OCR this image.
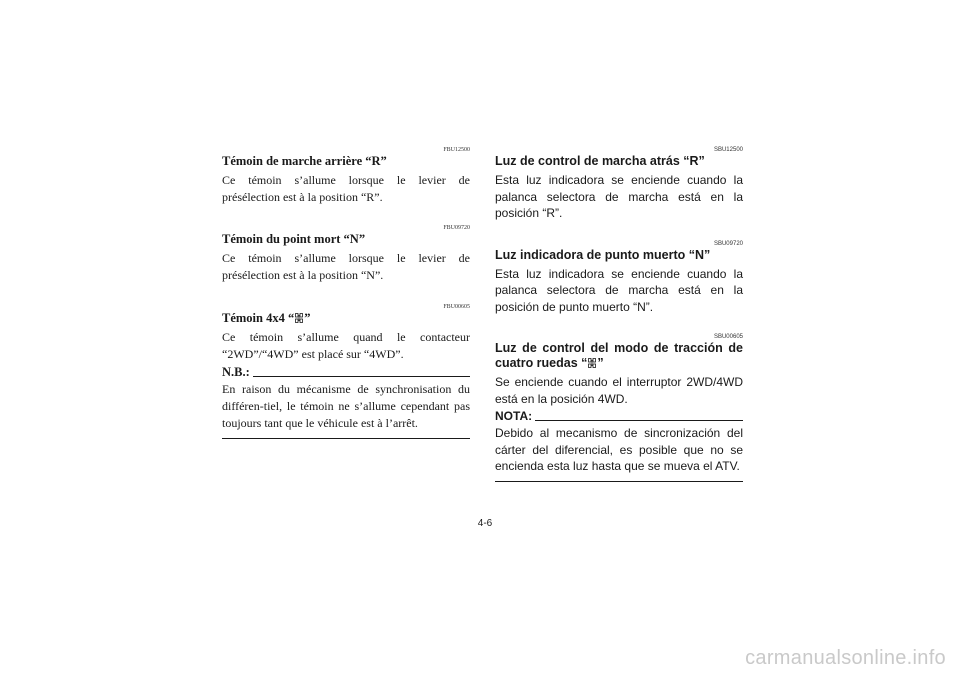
FBU12500

Témoin de marche arrière “R”

Ce témoin s’allume lorsque le levier de présélection est à la position “R”.

FBU09720

Témoin du point mort “N”

Ce témoin s’allume lorsque le levier de présélection est à la position “N”.

FBU00605

Témoin 4x4 “ ”

Ce témoin s’allume quand le contacteur “2WD”/“4WD” est placé sur “4WD”.

N.B.:

En raison du mécanisme de synchronisation du différen-tiel, le témoin ne s’allume cependant pas toujours tant que le véhicule est à l’arrêt.

SBU12500

Luz de control de marcha atrás “R”

Esta luz indicadora se enciende cuando la palanca selectora de marcha está en la posición “R”.

SBU09720

Luz indicadora de punto muerto “N”

Esta luz indicadora se enciende cuando la palanca selectora de marcha está en la posición de punto muerto “N”.

SBU00605

Luz de control del modo de tracción de cuatro ruedas “ ”

Se enciende cuando el interruptor 2WD/4WD está en la posición 4WD.

NOTA:

Debido al mecanismo de sincronización del cárter del diferencial, es posible que no se encienda esta luz hasta que se mueva el ATV.

4-6
carmanualsonline.info
